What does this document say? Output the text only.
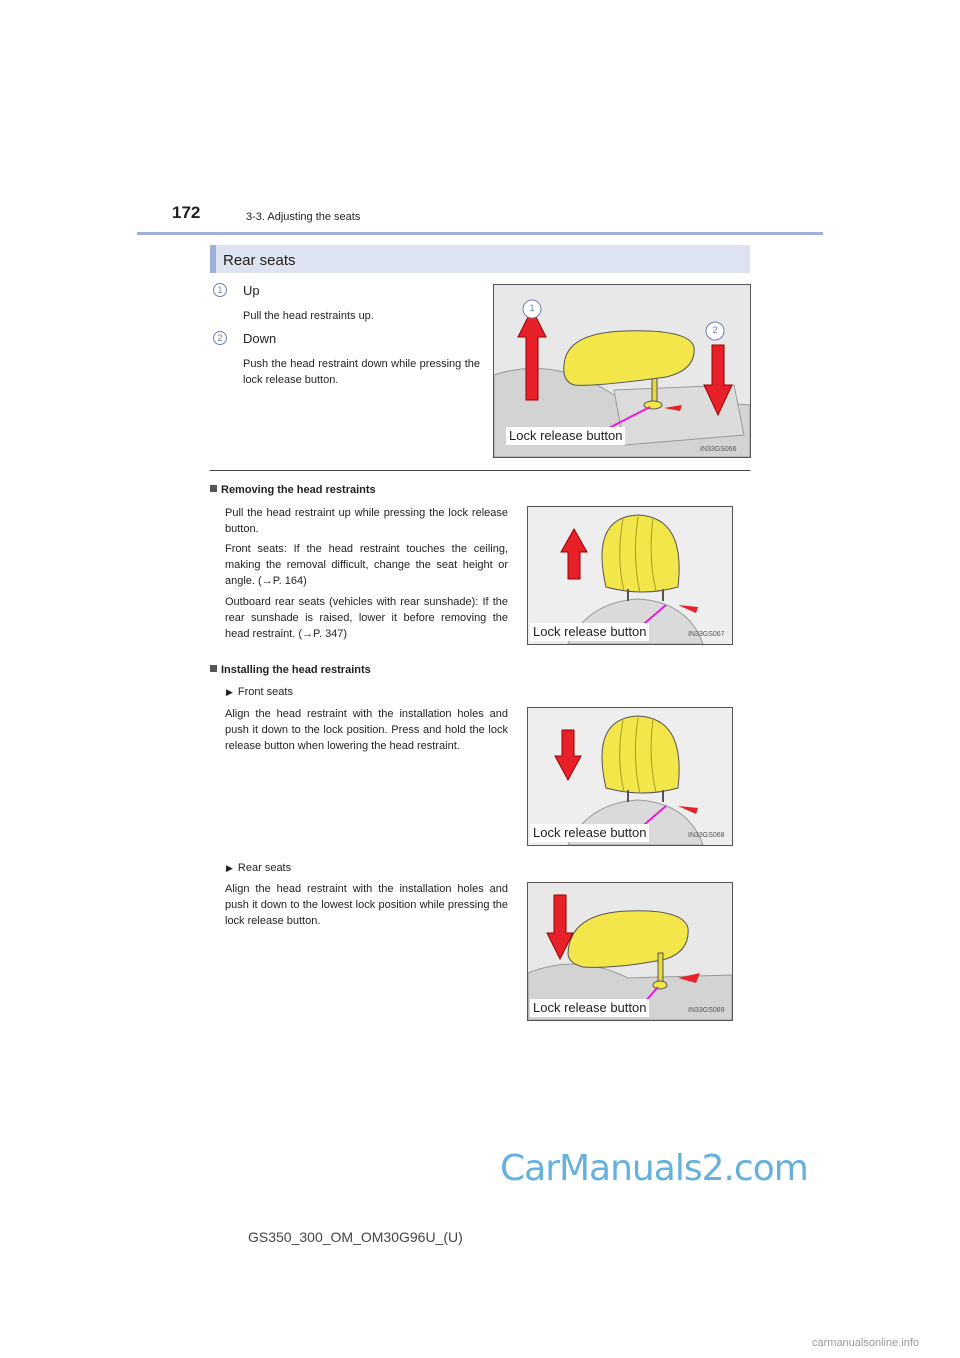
172	3-3. Adjusting the seats
Rear seats
1	Up
Pull the head restraints up.
2	Down
Push the head restraint down while pressing the lock release button.
1
2
Lock release button
IN33GS066
Removing the head restraints
Pull the head restraint up while pressing the lock release button.
Front seats: If the head restraint touches the ceiling, making the removal difficult, change the seat height or angle. (→P. 164)
Outboard rear seats (vehicles with rear sunshade): If the rear sunshade is raised, lower it before removing the head restraint. (→P. 347)	Lock release button	IN33GS067
Installing the head restraints
▶ Front seats
Align the head restraint with the installation holes and push it down to the lock position. Press and hold the lock release button when lowering the head restraint.
Lock release button	IN33GS068
▶ Rear seats
Align the head restraint with the installation holes and push it down to the lowest lock position while pressing the lock release button.
Lock release button	IN33GS069
CarManuals2.com
GS350_300_OM_OM30G96U_(U)
carmanualsonline.info
